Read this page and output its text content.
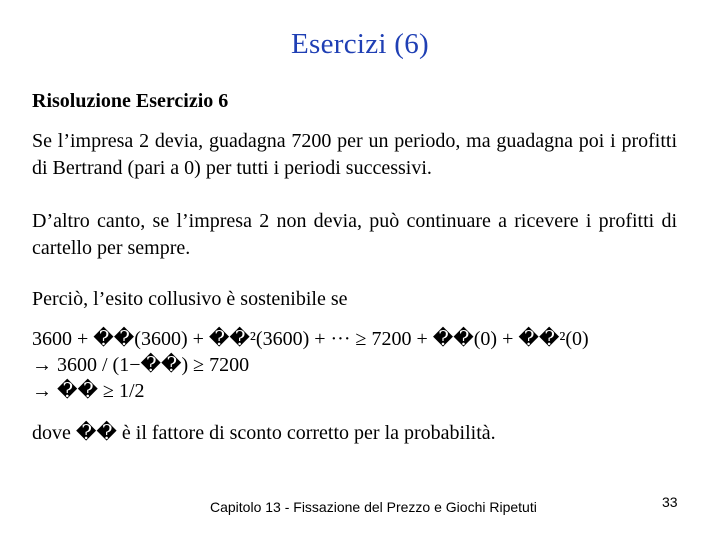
Esercizi (6)
Risoluzione Esercizio 6
Se l’impresa 2 devia, guadagna 7200 per un periodo, ma guadagna poi i profitti di Bertrand (pari a 0) per tutti i periodi successivi.
D’altro canto, se l’impresa 2 non devia, può continuare a ricevere i profitti di cartello per sempre.
Perciò, l’esito collusivo è sostenibile se
3600 + ��(3600) + ��²(3600) + ··· ≥ 7200 + ��(0) + ��²(0)
→ 3600 / (1−��) ≥ 7200
→ �� ≥ 1/2
dove �� è il fattore di sconto corretto per la probabilità.
Capitolo 13 - Fissazione del Prezzo e Giochi Ripetuti	33
